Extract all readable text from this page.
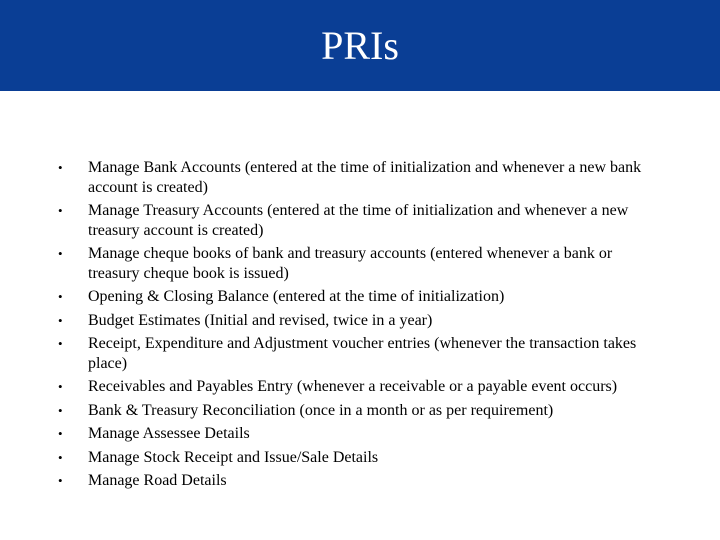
PRIs
• Manage Bank Accounts (entered at the time of initialization and whenever a new bank account is created)
• Manage Treasury Accounts (entered at the time of initialization and whenever a new treasury account is created)
• Manage cheque books of bank and treasury accounts (entered whenever a bank or treasury cheque book is issued)
• Opening & Closing Balance (entered at the time of initialization)
• Budget Estimates (Initial and revised, twice in a year)
• Receipt, Expenditure and Adjustment voucher entries (whenever the transaction takes place)
• Receivables and Payables Entry (whenever a receivable or a payable event occurs)
• Bank & Treasury Reconciliation (once in a month or as per requirement)
• Manage Assessee Details
• Manage Stock Receipt and Issue/Sale Details
• Manage Road Details
